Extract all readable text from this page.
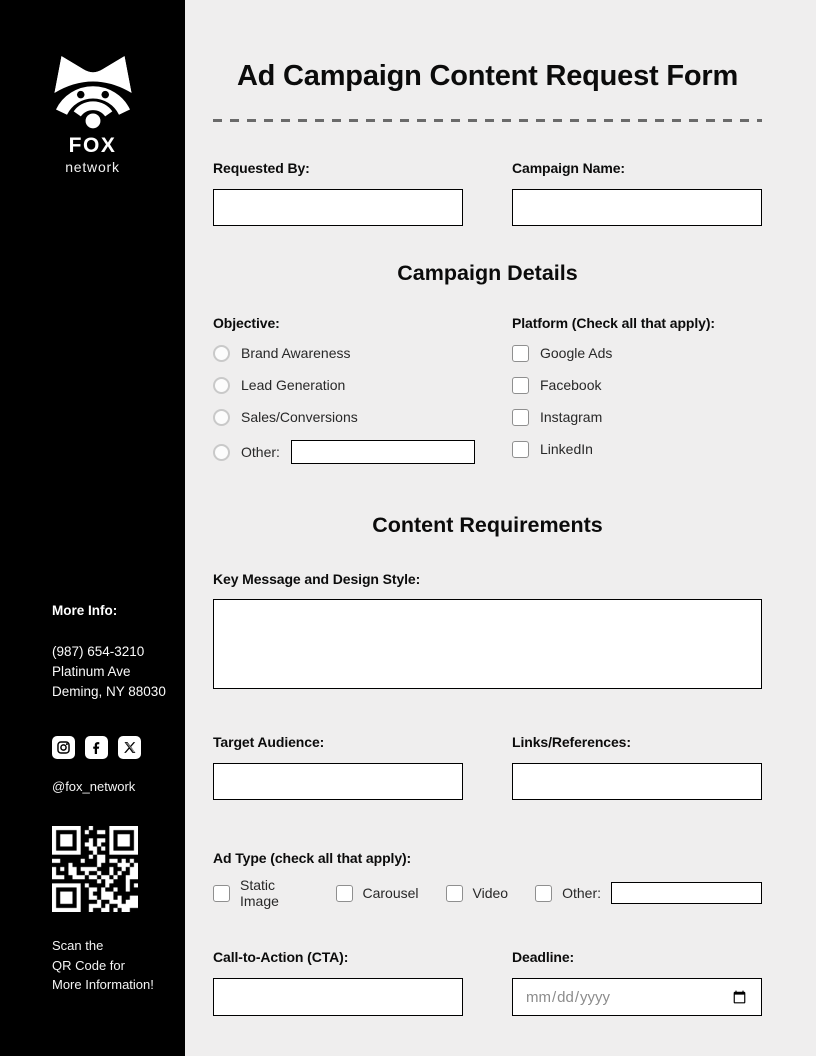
FOX
network
More Info:
(987) 654-3210
Platinum Ave
Deming, NY 88030
@fox_network
Scan the
QR Code for
More Information!
Ad Campaign Content Request Form
Requested By:	Campaign Name:
Campaign Details
Objective:
Brand Awareness
Lead Generation
Sales/Conversions
Other:
Platform (Check all that apply):
Google Ads
Facebook
Instagram
LinkedIn
Content Requirements
Key Message and Design Style:
Target Audience:	Links/References:
Ad Type (check all that apply):
Static Image	Carousel	Video	Other:
Call-to-Action (CTA):	Deadline:
mm/dd/yyyy
